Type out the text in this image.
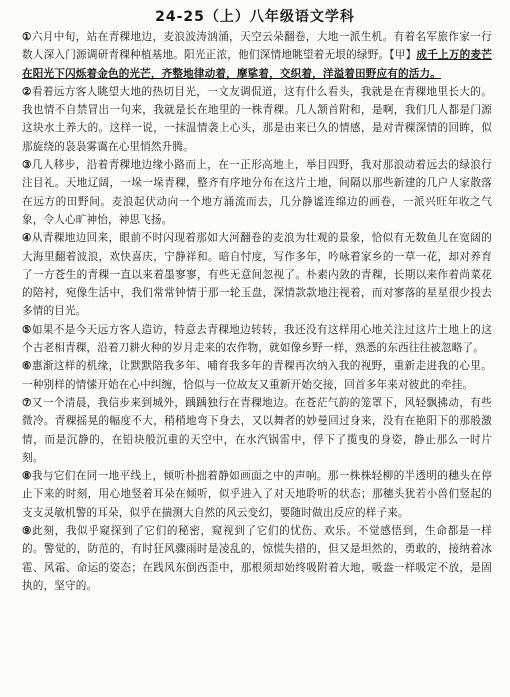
24-25（上）八年级语文学科

①六月中旬，站在青稞地边，麦浪波涛汹涌，天空云朵翻卷，大地一派生机。有着名军旅作家一行数人深入门源调研青稞种植基地。阳光正浓，他们深情地眺望着无垠的绿野。【甲】成千上万的麦芒在阳光下闪烁着金色的光芒，齐整地律动着，摩挲着，交织着，洋溢着田野应有的活力。

②看着远方客人眺望大地的热切目光，一文友调侃道，这有什么看头，我就是在青稞地里长大的。我也情不自禁冒出一句来，我就是长在地里的一株青稞。几人颔首附和，是啊，我们几人都是门源这块水土养大的。这样一说，一抹温情袭上心头，那是由来已久的情感，是对青稞深情的回眸，似那旋绕的袅袅雾霭在心里悄然升腾。

③几人移步，沿着青稞地边缘小路而上，在一正形高地上，举目四野，我对那浪动着远去的绿浪行注目礼。天地辽阔，一垛一垛青稞，整齐有序地分布在这片土地，间隔以那些新建的几户人家散落在远方的田野间。麦浪起伏动向一个地方涌流而去，几分静谧连绵边的画卷，一派兴旺年收之气象，令人心旷神怡，神思飞扬。

④从青稞地边回来，眼前不时闪现着那如大河翻卷的麦浪为壮观的景象，恰似有无数鱼儿在宽阔的大海里翻着波浪，欢快喜庆，宁静祥和。暗自忖度，写作多年，吟咏着家乡的一草一花，却对养育了一方苍生的青稞一直以来着墨寥寥，有些无意间忽视了。朴素内敛的青稞，长期以来作着尚菜花的陪衬，宛像生活中，我们常常钟情于那一轮玉盘，深情款款地注视着，而对寥落的星星很少投去多情的目光。

⑤如果不是今天远方客人造访，特意去青稞地边转转，我还没有这样用心地关注过这片土地上的这个古老相青稞，沿着刀耕火种的岁月走来的农作物，就如像乡野一样，熟悉的东西往往被忽略了。

⑥惠渐这样的机缘，让默默陪我多年、哺育我多年的青稞再次纳入我的视野，重新走进我的心里。一种别样的情愫开始在心中纠缠，恰似与一位故友又重新开始交接，回首多年来对彼此的牵挂。

⑦又一个清晨，我信步来到城外，踽踽独行在青稞地边。在苍茫气韵的笼罩下，风轻飘拂动，有些微冷。青稞摇晃的幅度不大，稍稍地弯下身去，又以舞者的妙曼回过身来，没有在艳阳下的那般激情，而是沉静的，在铅块般沉重的天空中，在水汽锅雷中，俘下了揽曳的身姿，静止那么一时片刻。

⑧我与它们在同一地平线上，倾听朴拙着静如画面之中的声响。那一株株轻柳的半透明的穗头在停止下来的时刻，用心地竖着耳朵在倾听，似乎进入了对天地聆听的状态；那穗头犹若小兽们竖起的支支灵敏机警的耳朵，似乎在揣测大自然的风云变幻，要随时做出反应的样子来。

⑨此刻，我似乎窥探到了它们的秘密，窥视到了它们的忧伤、欢乐。不觉感悟到，生命都是一样的。警觉的，防范的，有时狂风骤雨时是凌乱的，惊慌失措的，但又是坦然的，勇敢的，接纳着冰雹、风霜、命运的姿态；在践风东倒西歪中，那根须却始终吸附着大地，吸盎一样吸定不放，是固执的，坚守的。
